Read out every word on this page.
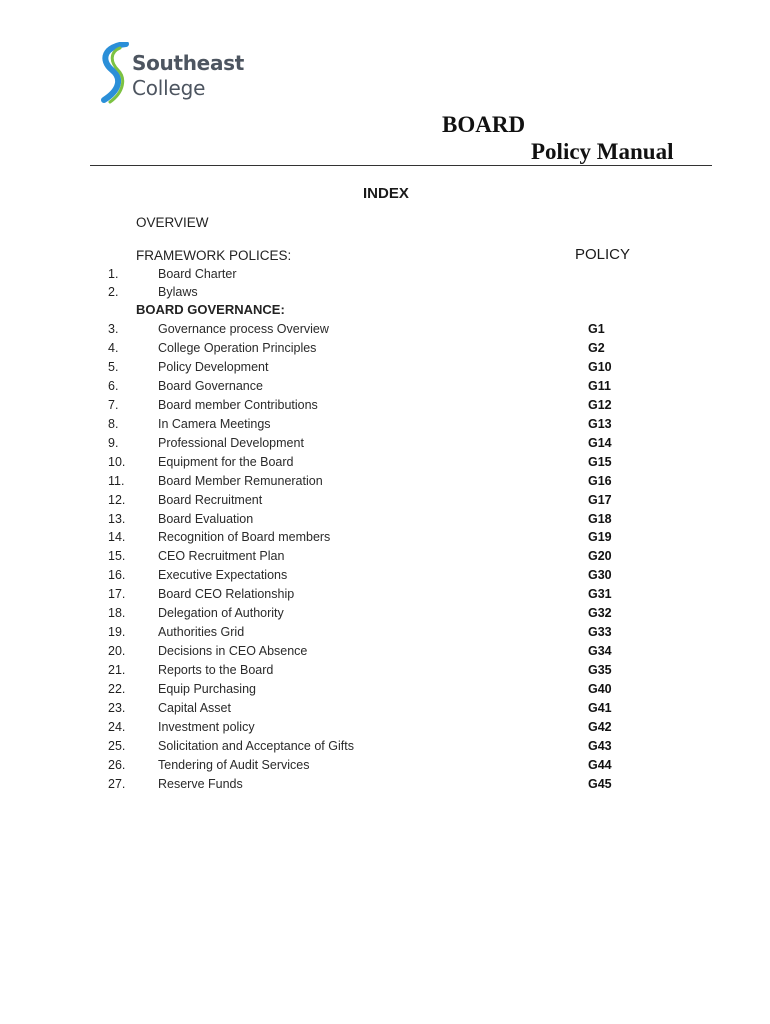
Southeast
College
BOARD
Policy Manual
INDEX
OVERVIEW
FRAMEWORK POLICES:	POLICY
1.	Board Charter
2.	Bylaws
BOARD GOVERNANCE:
3.	Governance process Overview	G1
4.	College Operation Principles	G2
5.	Policy Development	G10
6.	Board Governance	G11
7.	Board member Contributions	G12
8.	In Camera Meetings	G13
9.	Professional Development	G14
10.	Equipment for the Board	G15
11.	Board Member Remuneration	G16
12.	Board Recruitment	G17
13.	Board Evaluation	G18
14.	Recognition of Board members	G19
15.	CEO Recruitment Plan	G20
16.	Executive Expectations	G30
17.	Board CEO Relationship	G31
18.	Delegation of Authority	G32
19.	Authorities Grid	G33
20.	Decisions in CEO Absence	G34
21.	Reports to the Board	G35
22.	Equip Purchasing	G40
23.	Capital Asset	G41
24.	Investment policy	G42
25.	Solicitation and Acceptance of Gifts	G43
26.	Tendering of Audit Services	G44
27.	Reserve Funds	G45
